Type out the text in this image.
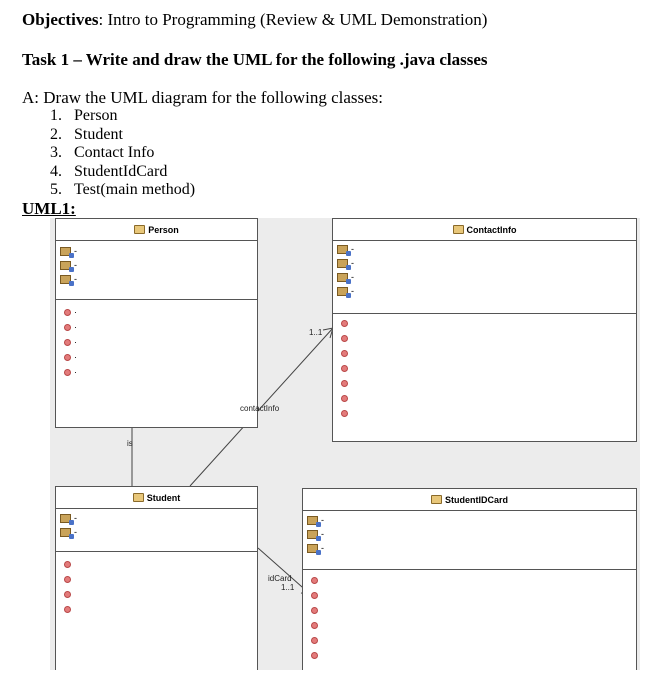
Objectives: Intro to Programming (Review & UML Demonstration)
Task 1 – Write and draw the UML for the following .java classes
A: Draw the UML diagram for the following classes:
1. Person
2. Student
3. Contact Info
4. StudentIdCard
5. Test(main method)
UML1:
Person
-
-
-
·
·
·
·
·
ContactInfo
-
-
-
-
Student
-
-
StudentIDCard
-
-
-
is
contactInfo
1..1
idCard
1..1
